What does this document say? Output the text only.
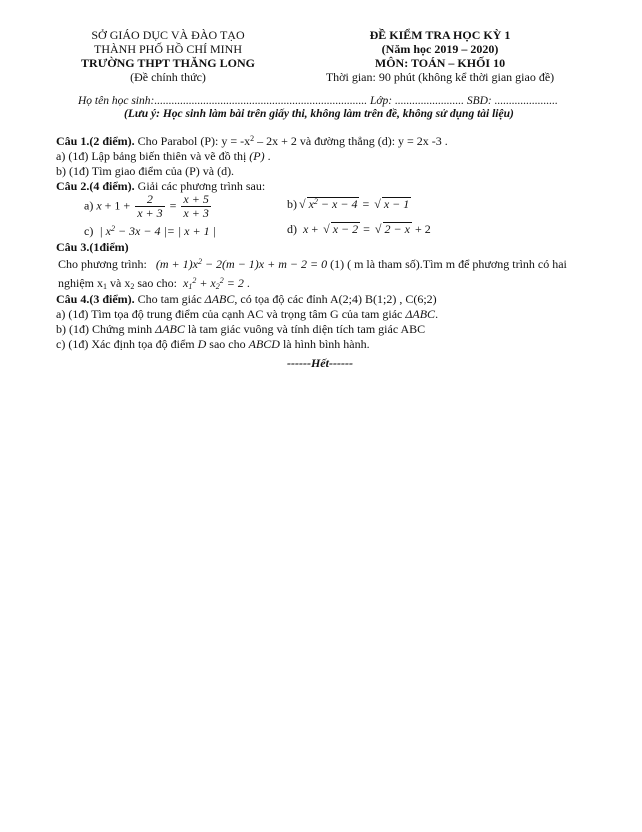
SỞ GIÁO DỤC VÀ ĐÀO TẠO
THÀNH PHỐ HỒ CHÍ MINH
TRƯỜNG THPT THĂNG LONG
(Đề chính thức)
ĐỀ KIỂM TRA HỌC KỲ 1
(Năm học 2019 – 2020)
MÔN: TOÁN – KHỐI 10
Thời gian: 90 phút (không kể thời gian giao đề)
Họ tên học sinh:.......................................................................... Lớp: ........................ SBD: ......................
(Lưu ý: Học sinh làm bài trên giấy thi, không làm trên đề, không sử dụng tài liệu)
Câu 1.(2 điểm). Cho Parabol (P): $y = -x^2 - 2x + 2$ và đường thẳng (d): y = 2x -3 .
a) (1đ) Lập bảng biến thiên và vẽ đồ thị (P) .
b) (1đ) Tìm giao điểm của (P) và (d).
Câu 2.(4 điểm). Giải các phương trình sau:
a) $x + 1 + \frac{2}{x + 3} = \frac{x + 5}{x + 3}$	b) √ $x^2 - x - 4$ = √ x − 1
c) | $x^2 - 3x - 4$ |= | x + 1 |	d) x + √ x − 2 = √ 2 − x + 2
Câu 3.(1điểm)
Cho phương trình: $(m + 1)x^2 - 2(m - 1)x + m - 2 = 0$ (1) ( m là tham số).Tìm m để phương trình có hai
nghiệm $x_1$ và $x_2$ sao cho: $x_1^2 + x_2^2 = 2$ .
Câu 4.(3 điểm). Cho tam giác ΔABC, có tọa độ các đỉnh A(2;4) B(1;2) , C(6;2)
a) (1đ) Tìm tọa độ trung điểm của cạnh AC và trọng tâm G của tam giác ΔABC.
b) (1đ) Chứng minh ΔABC là tam giác vuông và tính diện tích tam giác ABC
c) (1đ) Xác định tọa độ điểm D sao cho ABCD là hình bình hành.
------Hết------
